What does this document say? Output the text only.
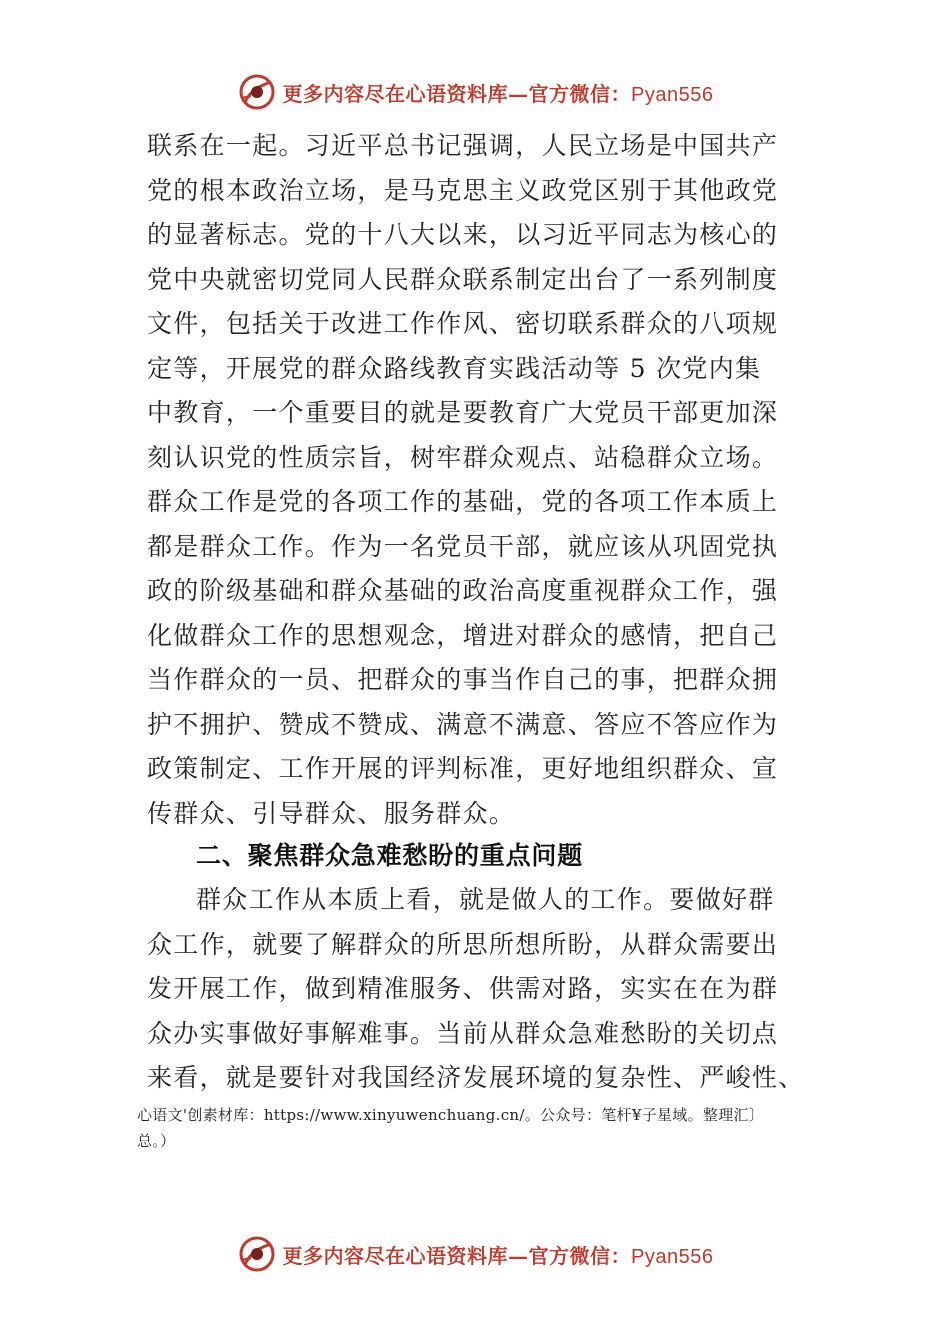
更多内容尽在心语资料库—官方微信：Pyan556
联系在一起。习近平总书记强调，人民立场是中国共产
党的根本政治立场，是马克思主义政党区别于其他政党
的显著标志。党的十八大以来，以习近平同志为核心的
党中央就密切党同人民群众联系制定出台了一系列制度
文件，包括关于改进工作作风、密切联系群众的八项规
定等，开展党的群众路线教育实践活动等 5 次党内集
中教育，一个重要目的就是要教育广大党员干部更加深
刻认识党的性质宗旨，树牢群众观点、站稳群众立场。
群众工作是党的各项工作的基础，党的各项工作本质上
都是群众工作。作为一名党员干部，就应该从巩固党执
政的阶级基础和群众基础的政治高度重视群众工作，强
化做群众工作的思想观念，增进对群众的感情，把自己
当作群众的一员、把群众的事当作自己的事，把群众拥
护不拥护、赞成不赞成、满意不满意、答应不答应作为
政策制定、工作开展的评判标准，更好地组织群众、宣
传群众、引导群众、服务群众。
二、聚焦群众急难愁盼的重点问题
群众工作从本质上看，就是做人的工作。要做好群
众工作，就要了解群众的所思所想所盼，从群众需要出
发开展工作，做到精准服务、供需对路，实实在在为群
众办实事做好事解难事。当前从群众急难愁盼的关切点
来看，就是要针对我国经济发展环境的复杂性、严峻性、
心语文'创素材库：https://www.xinyuwenchuang.cn/。公众号：笔杆¥子星域。整理汇〕
总。）
更多内容尽在心语资料库—官方微信：Pyan556
